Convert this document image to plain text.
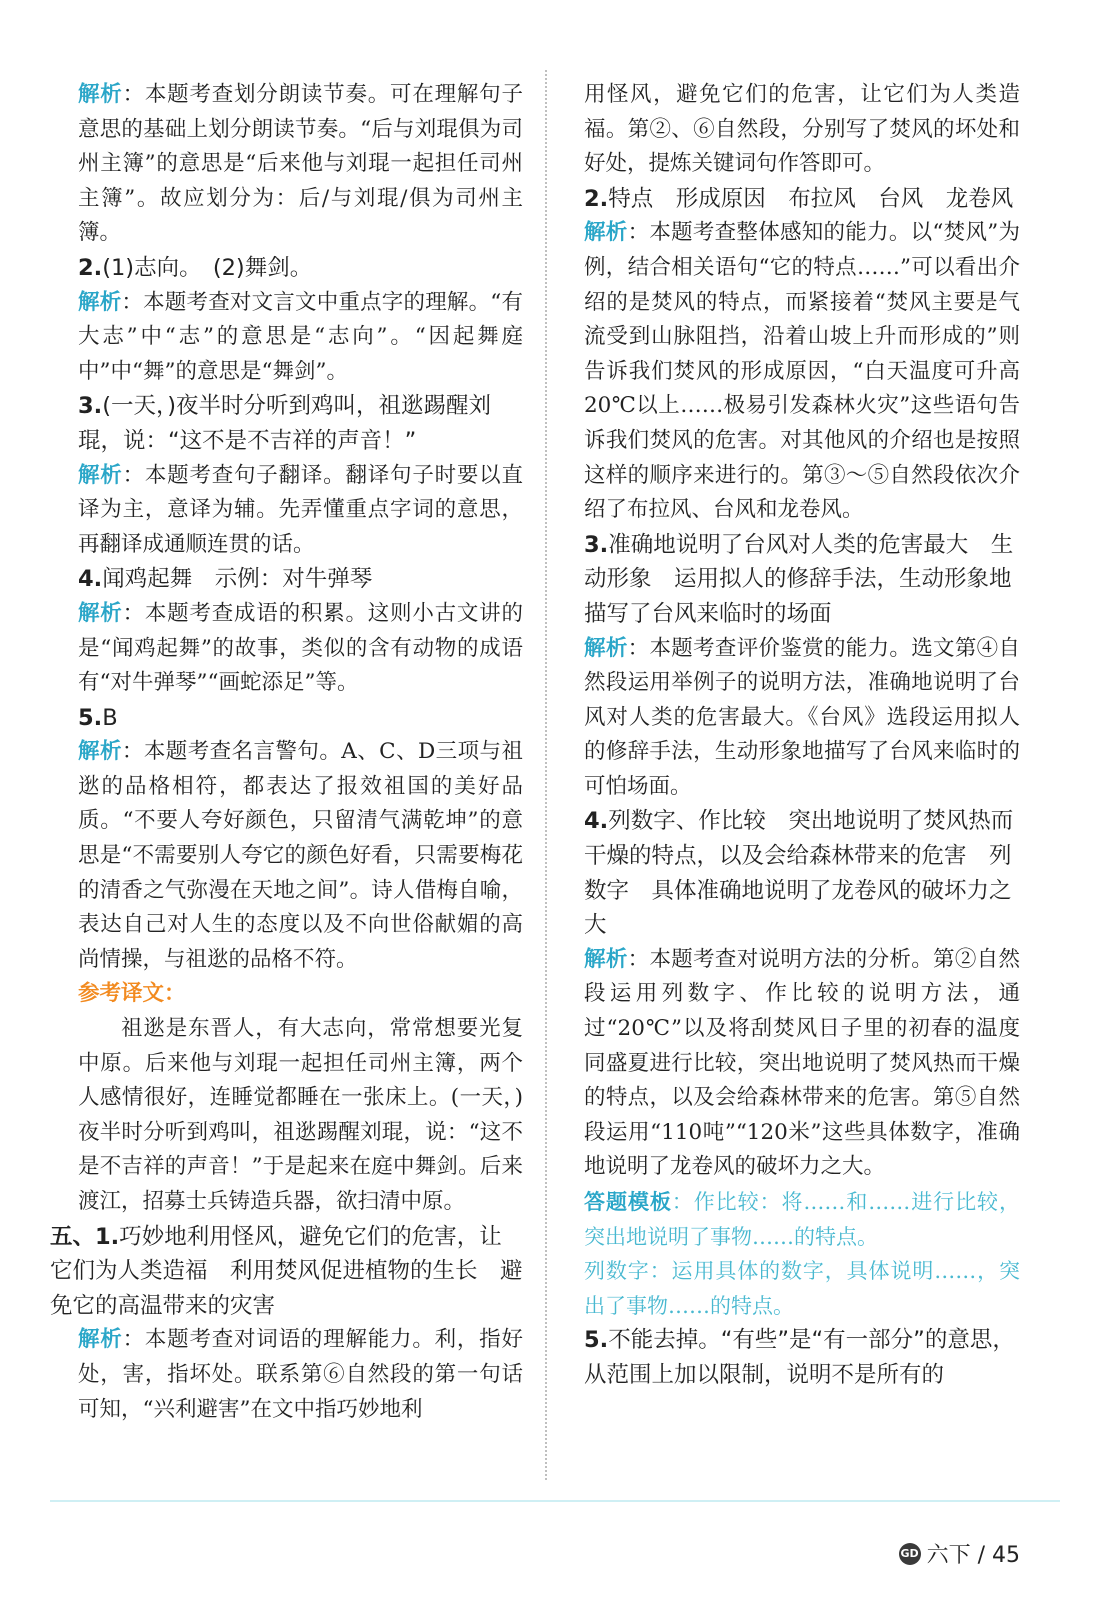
解析：本题考查划分朗读节奏。可在理解句子意思的基础上划分朗读节奏。“后与刘琨俱为司州主簿”的意思是“后来他与刘琨一起担任司州主簿”。故应划分为：后/与刘琨/俱为司州主簿。

2.(1)志向。　(2)舞剑。

解析：本题考查对文言文中重点字的理解。“有大志”中“志”的意思是“志向”。“因起舞庭中”中“舞”的意思是“舞剑”。

3.(一天，)夜半时分听到鸡叫，祖逖踢醒刘琨，说：“这不是不吉祥的声音！”

解析：本题考查句子翻译。翻译句子时要以直译为主，意译为辅。先弄懂重点字词的意思，再翻译成通顺连贯的话。

4.闻鸡起舞　示例：对牛弹琴

解析：本题考查成语的积累。这则小古文讲的是“闻鸡起舞”的故事，类似的含有动物的成语有“对牛弹琴”“画蛇添足”等。

5.B

解析：本题考查名言警句。A、C、D三项与祖逖的品格相符，都表达了报效祖国的美好品质。“不要人夸好颜色，只留清气满乾坤”的意思是“不需要别人夸它的颜色好看，只需要梅花的清香之气弥漫在天地之间”。诗人借梅自喻，表达自己对人生的态度以及不向世俗献媚的高尚情操，与祖逖的品格不符。

参考译文：

祖逖是东晋人，有大志向，常常想要光复中原。后来他与刘琨一起担任司州主簿，两个人感情很好，连睡觉都睡在一张床上。(一天，)夜半时分听到鸡叫，祖逖踢醒刘琨，说：“这不是不吉祥的声音！”于是起来在庭中舞剑。后来渡江，招募士兵铸造兵器，欲扫清中原。

五、1.巧妙地利用怪风，避免它们的危害，让它们为人类造福　利用焚风促进植物的生长　避免它的高温带来的灾害

解析：本题考查对词语的理解能力。利，指好处，害，指坏处。联系第⑥自然段的第一句话可知，“兴利避害”在文中指巧妙地利

用怪风，避免它们的危害，让它们为人类造福。第②、⑥自然段，分别写了焚风的坏处和好处，提炼关键词句作答即可。

2.特点　形成原因　布拉风　台风　龙卷风

解析：本题考查整体感知的能力。以“焚风”为例，结合相关语句“它的特点……”可以看出介绍的是焚风的特点，而紧接着“焚风主要是气流受到山脉阻挡，沿着山坡上升而形成的”则告诉我们焚风的形成原因，“白天温度可升高20℃以上……极易引发森林火灾”这些语句告诉我们焚风的危害。对其他风的介绍也是按照这样的顺序来进行的。第③～⑤自然段依次介绍了布拉风、台风和龙卷风。

3.准确地说明了台风对人类的危害最大　生动形象　运用拟人的修辞手法，生动形象地描写了台风来临时的场面

解析：本题考查评价鉴赏的能力。选文第④自然段运用举例子的说明方法，准确地说明了台风对人类的危害最大。《台风》选段运用拟人的修辞手法，生动形象地描写了台风来临时的可怕场面。

4.列数字、作比较　突出地说明了焚风热而干燥的特点，以及会给森林带来的危害　列数字　具体准确地说明了龙卷风的破坏力之大

解析：本题考查对说明方法的分析。第②自然段运用列数字、作比较的说明方法，通过“20℃”以及将刮焚风日子里的初春的温度同盛夏进行比较，突出地说明了焚风热而干燥的特点，以及会给森林带来的危害。第⑤自然段运用“110吨”“120米”这些具体数字，准确地说明了龙卷风的破坏力之大。

答题模板：作比较：将……和……进行比较，突出地说明了事物……的特点。

列数字：运用具体的数字，具体说明……，突出了事物……的特点。

5.不能去掉。“有些”是“有一部分”的意思，从范围上加以限制，说明不是所有的

GD 六下 / 45
